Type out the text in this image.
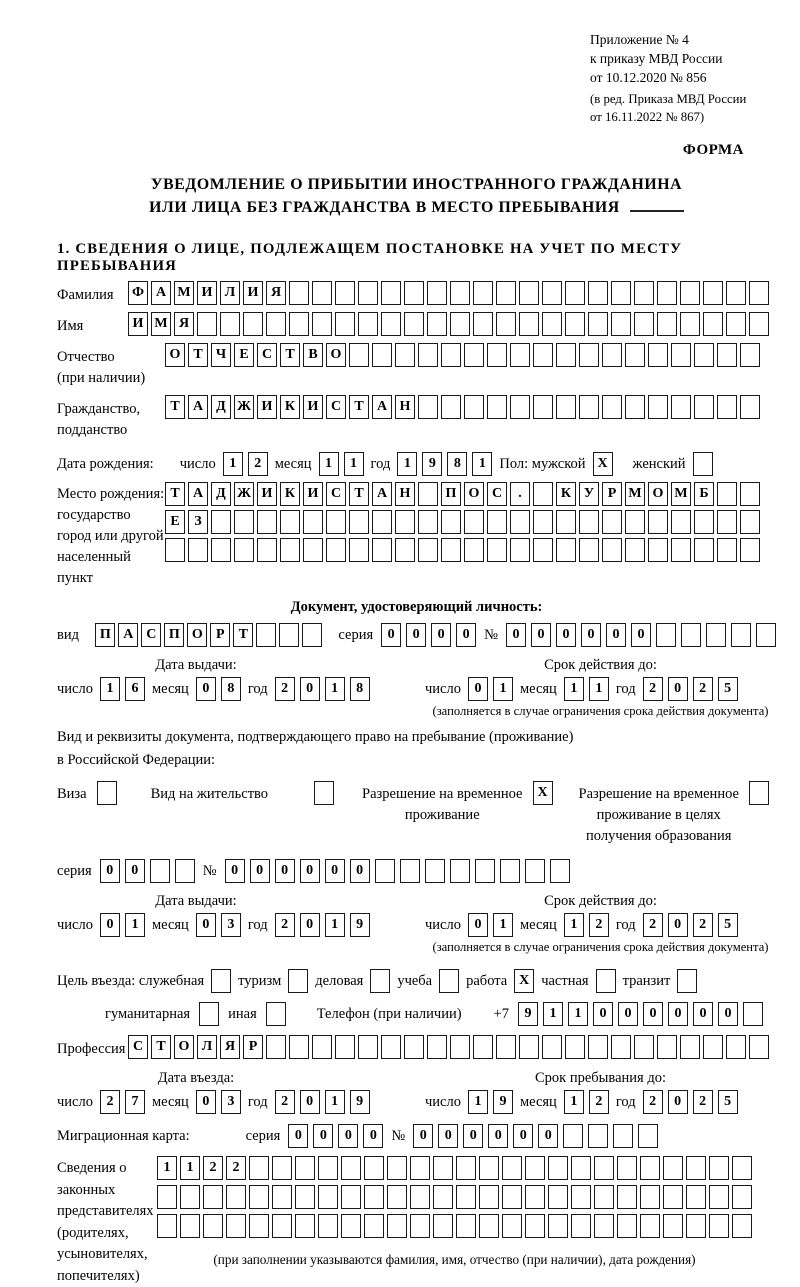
Приложение № 4
к приказу МВД России
от 10.12.2020 № 856
(в ред. Приказа МВД России
от 16.11.2022 № 867)
ФОРМА
УВЕДОМЛЕНИЕ О ПРИБЫТИИ ИНОСТРАННОГО ГРАЖДАНИНА
ИЛИ ЛИЦА БЕЗ ГРАЖДАНСТВА В МЕСТО ПРЕБЫВАНИЯ
1. СВЕДЕНИЯ О ЛИЦЕ, ПОДЛЕЖАЩЕМ ПОСТАНОВКЕ НА УЧЕТ ПО МЕСТУ ПРЕБЫВАНИЯ
Фамилия	Ф А М И Л И Я
Имя	И М Я
Отчество
(при наличии)
О Т Ч Е С Т В О
Гражданство,
подданство
Т А Д Ж И К И С Т А Н
Дата рождения: число 1	2 месяц 1	1 год 1	9	8	1 Пол: мужской X	женский
Место рождения:
государство
город или другой
населенный пункт
Т А Д Ж И К И С Т А Н	П О С	.	К У Р М О М Б
Е	З
Документ, удостоверяющий личность:
вид	П А С П О Р	Т	серия	0	0	0	0	№	0	0	0	0	0	0
Дата выдачи:
число 1	6 месяц 0	8 год 2	0	1	8
Срок действия до:
число 0	1 месяц 1	1 год 2	0	2	5
(заполняется в случае ограничения срока действия документа)
Вид и реквизиты документа, подтверждающего право на пребывание (проживание)
в Российской Федерации:
Виза	Вид на жительство	Разрешение на временное
проживание
X	Разрешение на временное
проживание в целях
получения образования
серия	0	0	№	0	0	0	0	0	0
Дата выдачи:
число 0	1 месяц 0	3 год 2	0	1	9
Срок действия до:
число 0	1 месяц 1	2 год 2	0	2	5
(заполняется в случае ограничения срока действия документа)
Цель въезда: служебная туризм деловая учеба работа X частная транзит
гуманитарная	иная	Телефон (при наличии) +7	9	1	1	0	0	0	0	0	0
Профессия С Т О Л Я Р
Дата въезда:
число 2	7 месяц 0	3 год 2	0	1	9
Срок пребывания до:
число 1	9 месяц 1	2 год 2	0	2	5
Миграционная карта:	серия	0	0	0	0	№	0	0	0	0	0	0
Сведения о
законных
представителях
(родителях,
усыновителях,
попечителях)
1	1	2	2
(при заполнении указываются фамилия, имя, отчество (при наличии), дата рождения)
